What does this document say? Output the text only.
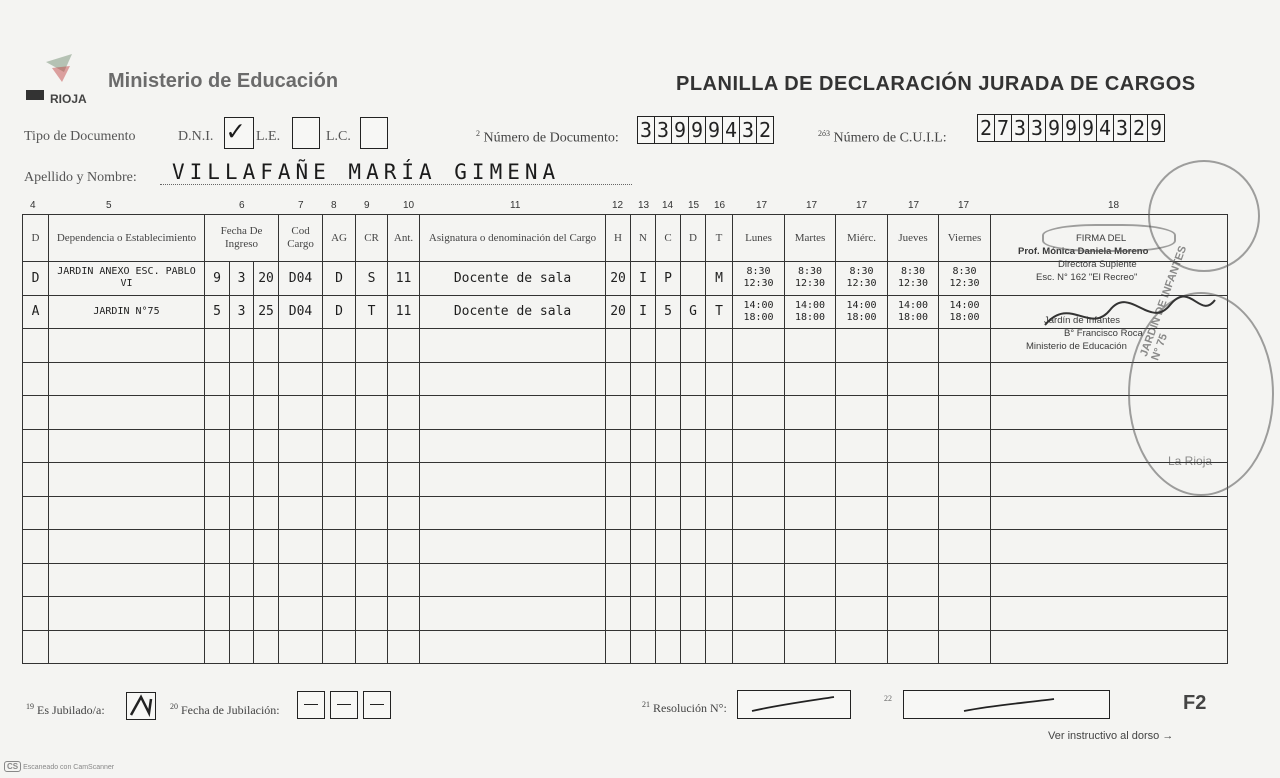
RIOJA
Ministerio de Educación	PLANILLA DE DECLARACIÓN JURADA DE CARGOS
Tipo de Documento	D.N.I. ✓ L.E.	L.C.	$^2$ Número de Documento: 3 3 9 9 9 4 3 2	$^{2ó3}$ Número de C.U.I.L: 2 7 3 3 9 9 9 4 3 2 9
Apellido y Nombre: VILLAFAÑE MARÍA GIMENA
4	5	6	7	8	9	10	11	12 13 14 15 16	17	17	17	17	17	18
D	Dependencia o Establecimiento	Fecha De Ingreso			Cod Cargo	AG	CR	Ant.	Asignatura o denominación del Cargo	H	N	C	D	T	Lunes	Martes	Miérc.	Jueves	Viernes	
D	JARDIN ANEXO ESC. PABLO VI	9	3	20	D04	D	S	11	Docente de sala	20	I	P		M	8:30 12:30	8:30 12:30	8:30 12:30	8:30 12:30	8:30 12:30	
A	JARDIN N°75	5	3	25	D04	D	T	11	Docente de sala	20	I	5	G	T	14:00 18:00	14:00 18:00	14:00 18:00	14:00 18:00	14:00 18:00	

FIRMA DEL
Prof. Mónica Daniela Moreno
Directora Suplente
Esc. N° 162 "El Recreo"
Jardín de Infantes
B° Francisco Roca
Ministerio de Educación	JARDIN DE INFANTES N° 75
La Rioja
$^{19}$ Es Jubilado/a:	$^{20}$ Fecha de Jubilación:	$^{21}$ Resolución N°:
22	F2
Ver instructivo al dorso →
CS Escaneado con CamScanner
